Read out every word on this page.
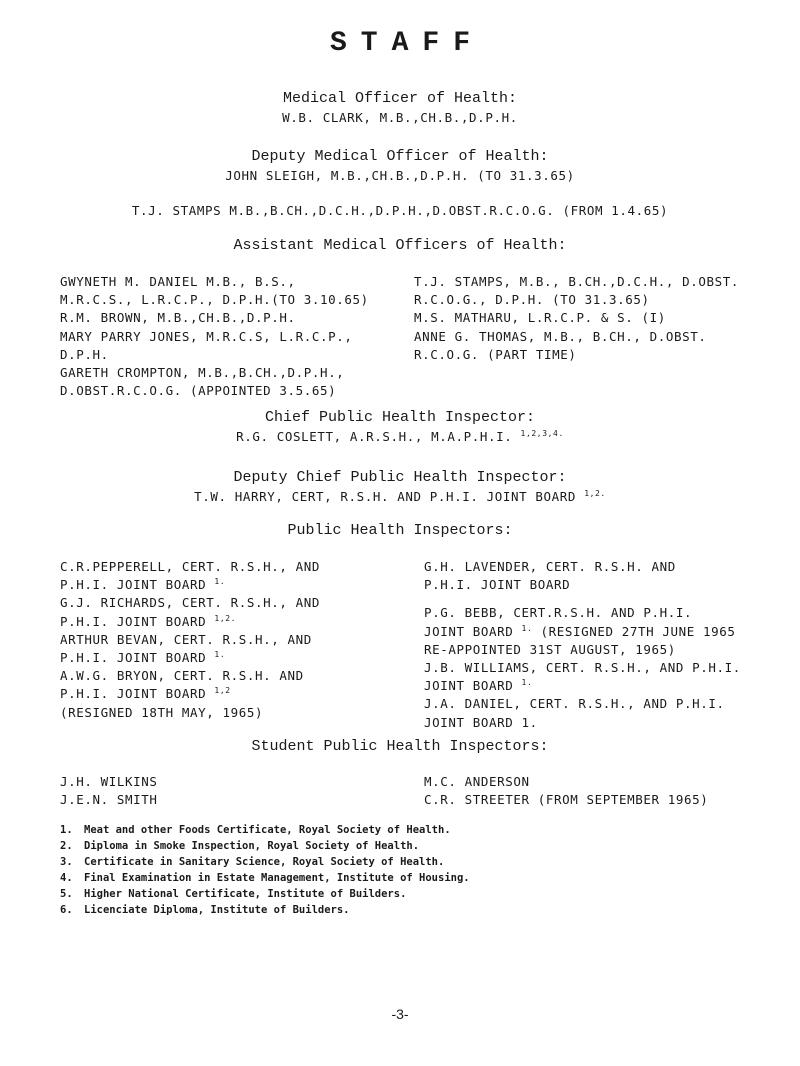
STAFF
Medical Officer of Health:
W.B. CLARK, M.B.,CH.B.,D.P.H.
Deputy Medical Officer of Health:
JOHN SLEIGH, M.B.,CH.B.,D.P.H. (TO 31.3.65)
T.J. STAMPS M.B.,B.CH.,D.C.H.,D.P.H.,D.OBST.R.C.O.G. (FROM 1.4.65)
Assistant Medical Officers of Health:
GWYNETH M. DANIEL M.B., B.S.,
M.R.C.S., L.R.C.P., D.P.H.(TO 3.10.65)
R.M. BROWN, M.B.,CH.B.,D.P.H.
MARY PARRY JONES, M.R.C.S, L.R.C.P.,
D.P.H.
GARETH CROMPTON, M.B.,B.CH.,D.P.H.,
D.OBST.R.C.O.G. (APPOINTED 3.5.65)
T.J. STAMPS, M.B., B.CH.,D.C.H., D.OBST.
R.C.O.G., D.P.H. (TO 31.3.65)
M.S. MATHARU, L.R.C.P. & S. (I)
ANNE G. THOMAS, M.B., B.CH., D.OBST.
R.C.O.G. (PART TIME)
Chief Public Health Inspector:
R.G. COSLETT, A.R.S.H., M.A.P.H.I. $^{1,2,3,4.}$
Deputy Chief Public Health Inspector:
T.W. HARRY, CERT, R.S.H. AND P.H.I. JOINT BOARD $^{1,2.}$
Public Health Inspectors:
C.R.PEPPERELL, CERT. R.S.H., AND
P.H.I. JOINT BOARD $^{1.}$
G.J. RICHARDS, CERT. R.S.H., AND
P.H.I. JOINT BOARD $^{1,2.}$
ARTHUR BEVAN, CERT. R.S.H., AND
P.H.I. JOINT BOARD $^{1.}$
A.W.G. BRYON, CERT. R.S.H. AND
P.H.I. JOINT BOARD $^{1,2}$
(RESIGNED 18TH MAY, 1965)
G.H. LAVENDER, CERT. R.S.H. AND
P.H.I. JOINT BOARD
P.G. BEBB, CERT.R.S.H. AND P.H.I.
JOINT BOARD $^{1.}$ (RESIGNED 27TH JUNE 1965
RE-APPOINTED 31ST AUGUST, 1965)
J.B. WILLIAMS, CERT. R.S.H., AND P.H.I.
JOINT BOARD $^{1.}$
J.A. DANIEL, CERT. R.S.H., AND P.H.I.
JOINT BOARD 1.
Student Public Health Inspectors:
J.H. WILKINS
J.E.N. SMITH
M.C. ANDERSON
C.R. STREETER (FROM SEPTEMBER 1965)
1. Meat and other Foods Certificate, Royal Society of Health.
2. Diploma in Smoke Inspection, Royal Society of Health.
3. Certificate in Sanitary Science, Royal Society of Health.
4. Final Examination in Estate Management, Institute of Housing.
5. Higher National Certificate, Institute of Builders.
6. Licenciate Diploma, Institute of Builders.
-3-
